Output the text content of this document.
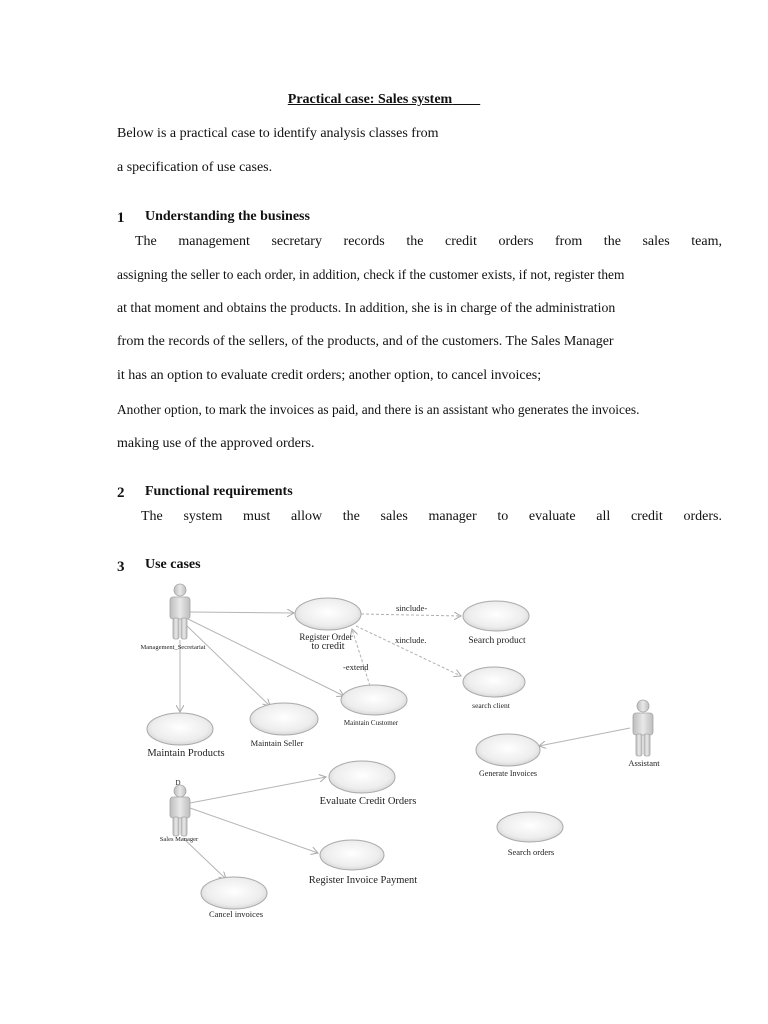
Practical case: Sales system
Below is a practical case to identify analysis classes from
a specification of use cases.
1 Understanding the business
The management secretary records the credit orders from the sales team,
assigning the seller to each order, in addition, check if the customer exists, if not, register them
at that moment and obtains the products. In addition, she is in charge of the administration
from the records of the sellers, of the products, and of the customers. The Sales Manager
it has an option to evaluate credit orders; another option, to cancel invoices;
Another option, to mark the invoices as paid, and there is an assistant who generates the invoices.
making use of the approved orders.
2 Functional requirements
The system must allow the sales manager to evaluate all credit orders.
3 Use cases
Management_Secretariat
D
Sales Manager
Assistant
Register Order
to credit	Search product
search client
Maintain Customer
Maintain Seller
Maintain Products
Evaluate Credit Orders
Register Invoice Payment
Cancel invoices
Generate Invoices
Search orders
sinclude-
xinclude.
-extend
